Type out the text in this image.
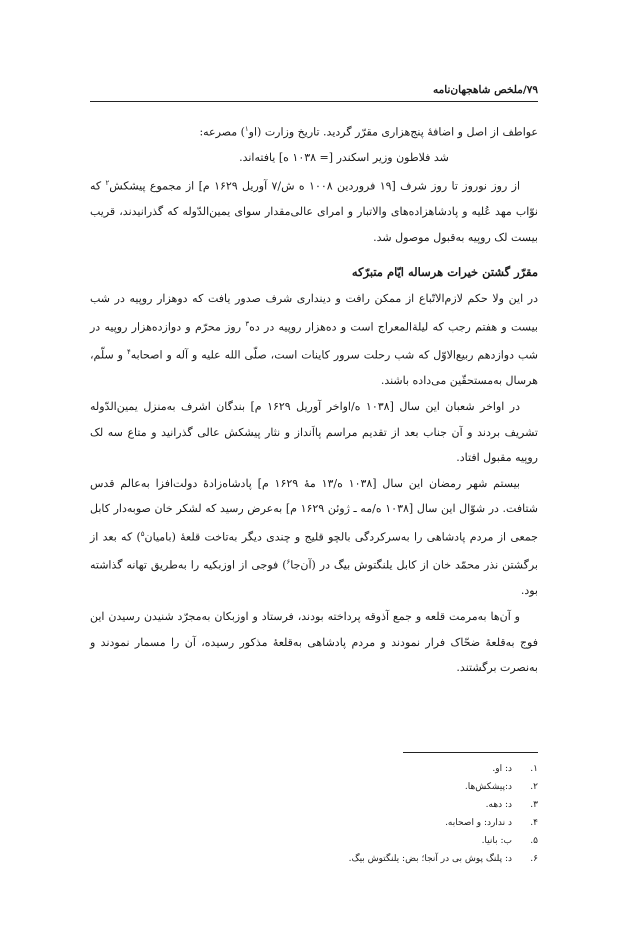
۷۹/ملخص شاهجهان‌نامه

عواطف از اصل و اضافهٔ پنج‌هزاری مقرّر گردید. تاریخ وزارت (او$^۱$) مصرعه:

شد فلاطون وزیر اسکندر [= ۱۰۳۸ ه] یافته‌اند.

از روز نوروز تا روز شرف [۱۹ فروردین ۱۰۰۸ ه ش/۷ آوریل ۱۶۲۹ م] از مجموع پیشکش$^۲$ که نوّاب مهد عُلیه و پادشاهزاده‌های والاتبار و امرای عالی‌مقدار سوای یمین‌الدّوله که گذرانیدند، قریب بیست لک روپیه به‌قبول موصول شد.

مقرّر گشتن خیرات هرساله ایّام متبرّکه

در این ولا حکم لازم‌الاتّباع از ممکن رافت و دینداری شرف صدور یافت که دوهزار روپیه در شب بیست و هفتم رجب که لیلة‌المعراج است و ده‌هزار روپیه در ده$^۳$ روز محرّم و دوازده‌هزار روپیه در شب دوازدهم ربیع‌الاوّل که شب رحلت سرور کاینات است، صلّی الله علیه و آله و اصحابه$^۴$ و سلّم، هرسال به‌مستحقّین می‌داده باشند.

در اواخر شعبان این سال [۱۰۳۸ ه/اواخر آوریل ۱۶۲۹ م] بندگان اشرف به‌منزل یمین‌الدّوله تشریف بردند و آن جناب بعد از تقدیم مراسم پااَنداز و نثار پیشکش عالی گذرانید و متاع سه لک روپیه مقبول افتاد.

بیستم شهر رمضان این سال [۱۰۳۸ ه/۱۳ مهٔ ۱۶۲۹ م] پادشاه‌زادهٔ دولت‌افزا به‌عالم قدس شتافت. در شوّال این سال [۱۰۳۸ ه/مه ـ ژوئن ۱۶۲۹ م] به‌عرض رسید که لشکر خان صوبه‌دار کابل جمعی از مردم پادشاهی را به‌سرکردگی بالچو قلیج و چندی دیگر به‌تاخت قلعهٔ (بامیان$^۵$) که بعد از برگشتن نذر محمّد خان از کابل یلنگتوش بیگ در (آن‌جا$^۶$) فوجی از اوزبکیه را به‌طریق تهانه گذاشته بود.

و آن‌ها به‌مرمت قلعه و جمع آذوقه پرداخته بودند، فرستاد و اوزبکان به‌مجرّد شنیدن رسیدن این فوج به‌قلعهٔ ضحّاک فرار نمودند و مردم پادشاهی به‌قلعهٔ مذکور رسیده، آن را مسمار نمودند و به‌نصرت برگشتند.

۱.
د: او.
۲.
د:پیشکش‌ها.
۳.
د: دهه.
۴.
د ندارد: و اصحابه.
۵.
ب: بانیا.
۶.
د: پلنگ پوش بی در آنجا؛ بض: یلنگتوش بیگ.
